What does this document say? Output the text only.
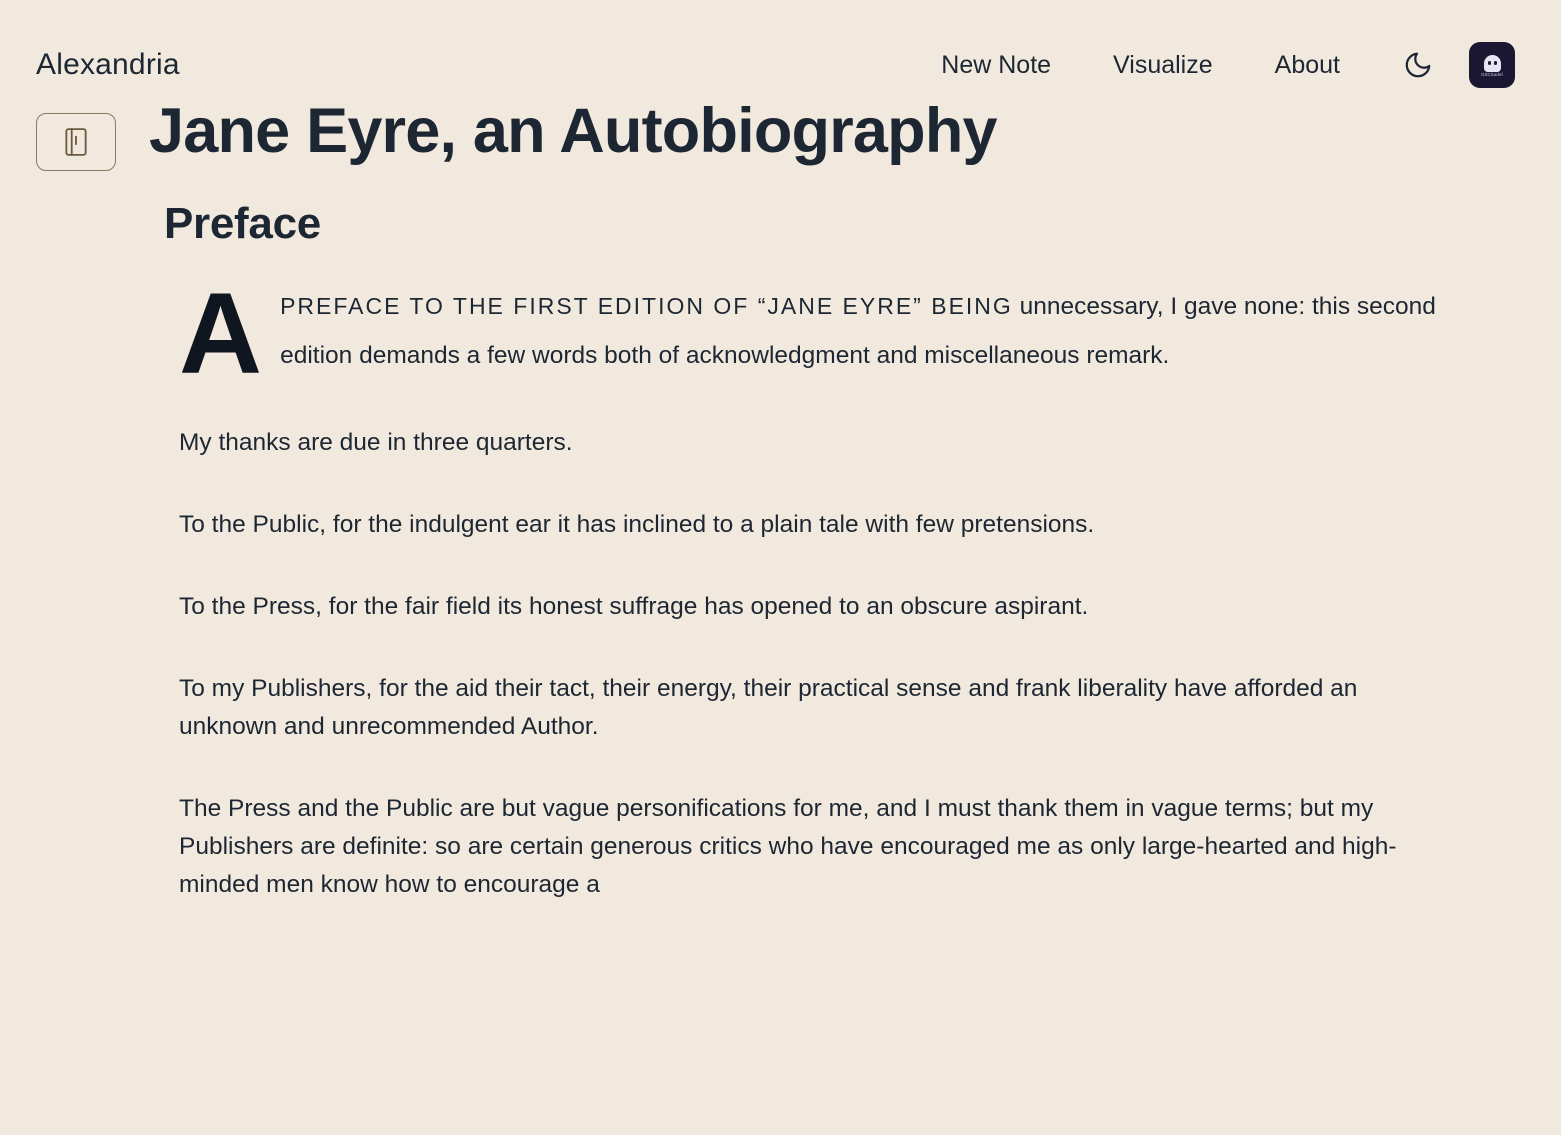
Alexandria	New Note	Visualize	About	GitCitadel
Jane Eyre, an Autobiography
Preface

APREFACE TO THE FIRST EDITION OF “JANE EYRE” BEING unnecessary, I gave none: this second edition demands a few words both of acknowledgment and miscellaneous remark.

My thanks are due in three quarters.

To the Public, for the indulgent ear it has inclined to a plain tale with few pretensions.

To the Press, for the fair field its honest suffrage has opened to an obscure aspirant.

To my Publishers, for the aid their tact, their energy, their practical sense and frank liberality have afforded an unknown and unrecommended Author.

The Press and the Public are but vague personifications for me, and I must thank them in vague terms; but my Publishers are definite: so are certain generous critics who have encouraged me as only large-hearted and high-minded men know how to encourage a
